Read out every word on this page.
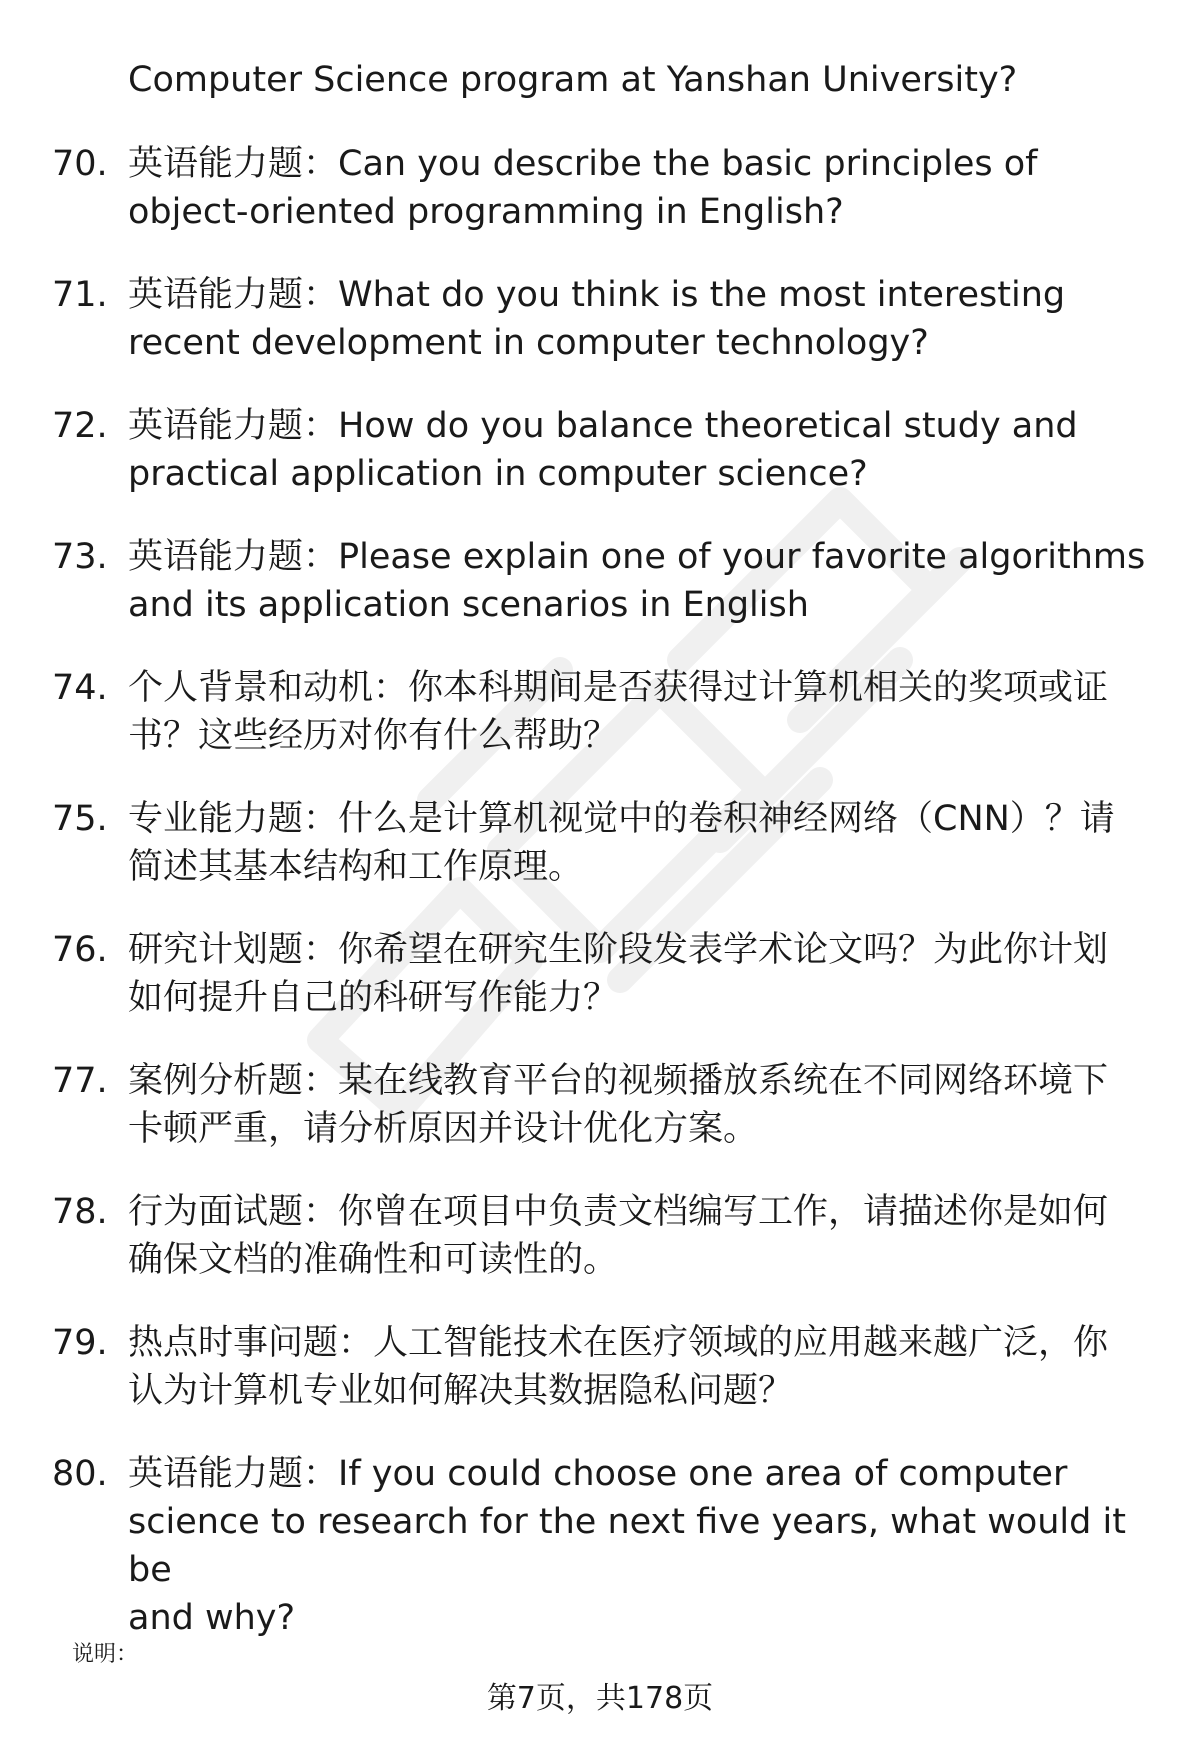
Computer Science program at Yanshan University?
70. 英语能力题：Can you describe the basic principles of
object-oriented programming in English?
71. 英语能力题：What do you think is the most interesting
recent development in computer technology?
72. 英语能力题：How do you balance theoretical study and
practical application in computer science?
73. 英语能力题：Please explain one of your favorite algorithms
and its application scenarios in English
74. 个人背景和动机：你本科期间是否获得过计算机相关的奖项或证
书？这些经历对你有什么帮助？
75. 专业能力题：什么是计算机视觉中的卷积神经网络（CNN）？请
简述其基本结构和工作原理。
76. 研究计划题：你希望在研究生阶段发表学术论文吗？为此你计划
如何提升自己的科研写作能力？
77. 案例分析题：某在线教育平台的视频播放系统在不同网络环境下
卡顿严重，请分析原因并设计优化方案。
78. 行为面试题：你曾在项目中负责文档编写工作，请描述你是如何
确保文档的准确性和可读性的。
79. 热点时事问题：人工智能技术在医疗领域的应用越来越广泛，你
认为计算机专业如何解决其数据隐私问题？
80. 英语能力题：If you could choose one area of computer
science to research for the next five years, what would it be
and why?
说明：
第7页，共178页
